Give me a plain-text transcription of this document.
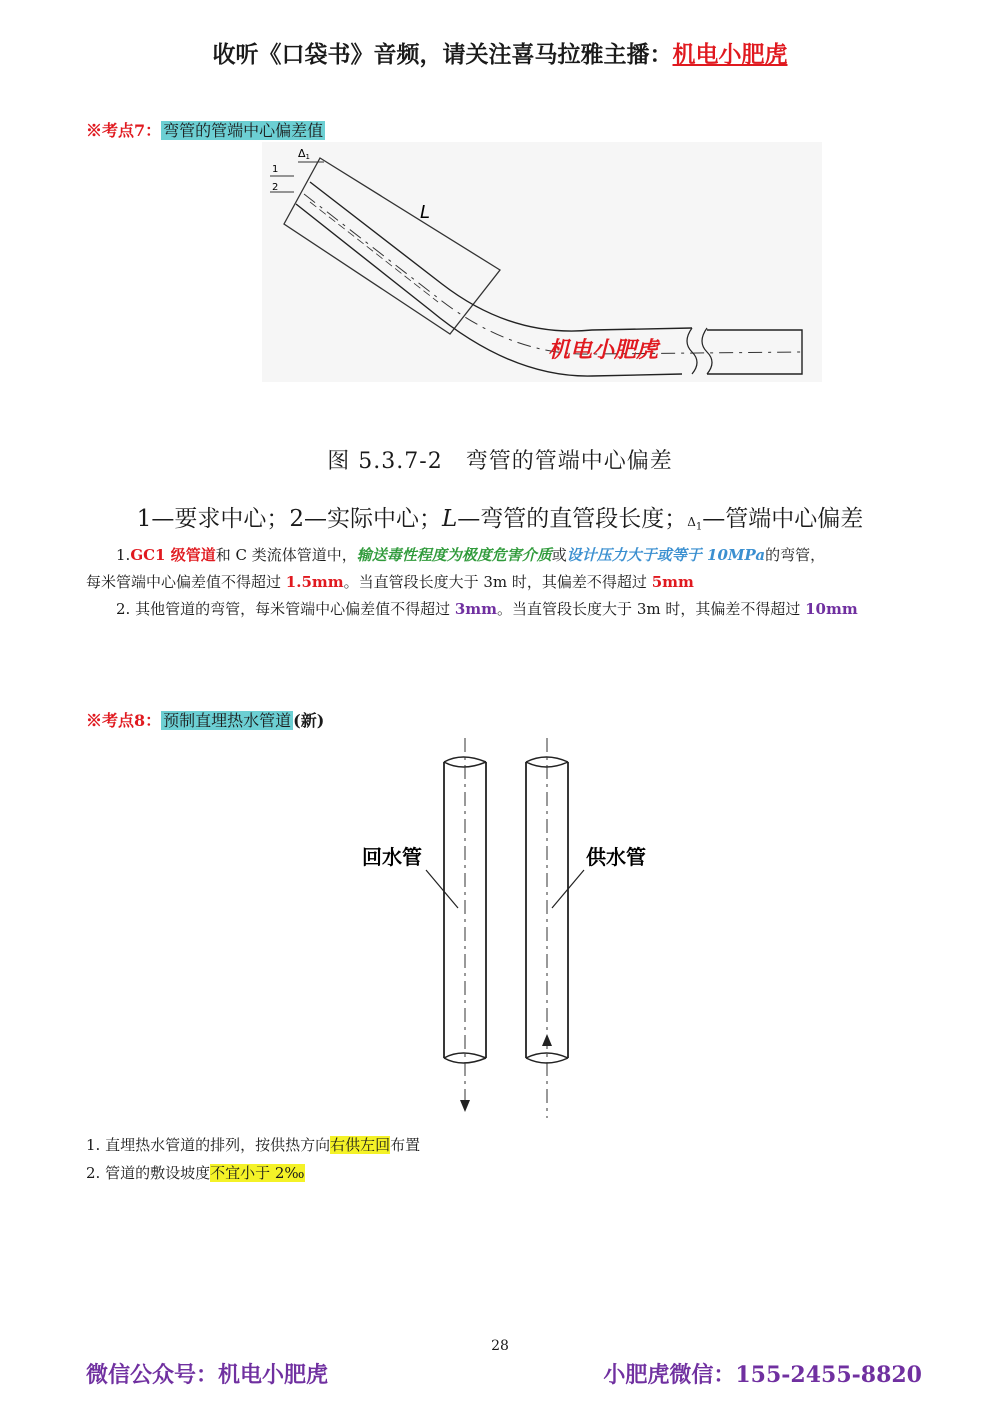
收听《口袋书》音频，请关注喜马拉雅主播：机电小肥虎
※考点7： 弯管的管端中心偏差值
1
2
Δ1
L
机电小肥虎
图 5.3.7-2　弯管的管端中心偏差
1—要求中心；2—实际中心；L—弯管的直管段长度；$\Delta_1—$管端中心偏差
1.GC1 级管道和 C 类流体管道中，输送毒性程度为极度危害介质或设计压力大于或等于 10MPa的弯管，
每米管端中心偏差值不得超过 1.5mm。当直管段长度大于 3m 时，其偏差不得超过 5mm
2. 其他管道的弯管，每米管端中心偏差值不得超过 3mm。当直管段长度大于 3m 时，其偏差不得超过 10mm
※考点8： 预制直埋热水管道 (新)
回水管	供水管
1. 直埋热水管道的排列，按供热方向右供左回布置
2. 管道的敷设坡度不宜小于 2‰
28
微信公众号：机电小肥虎	小肥虎微信：155-2455-8820
